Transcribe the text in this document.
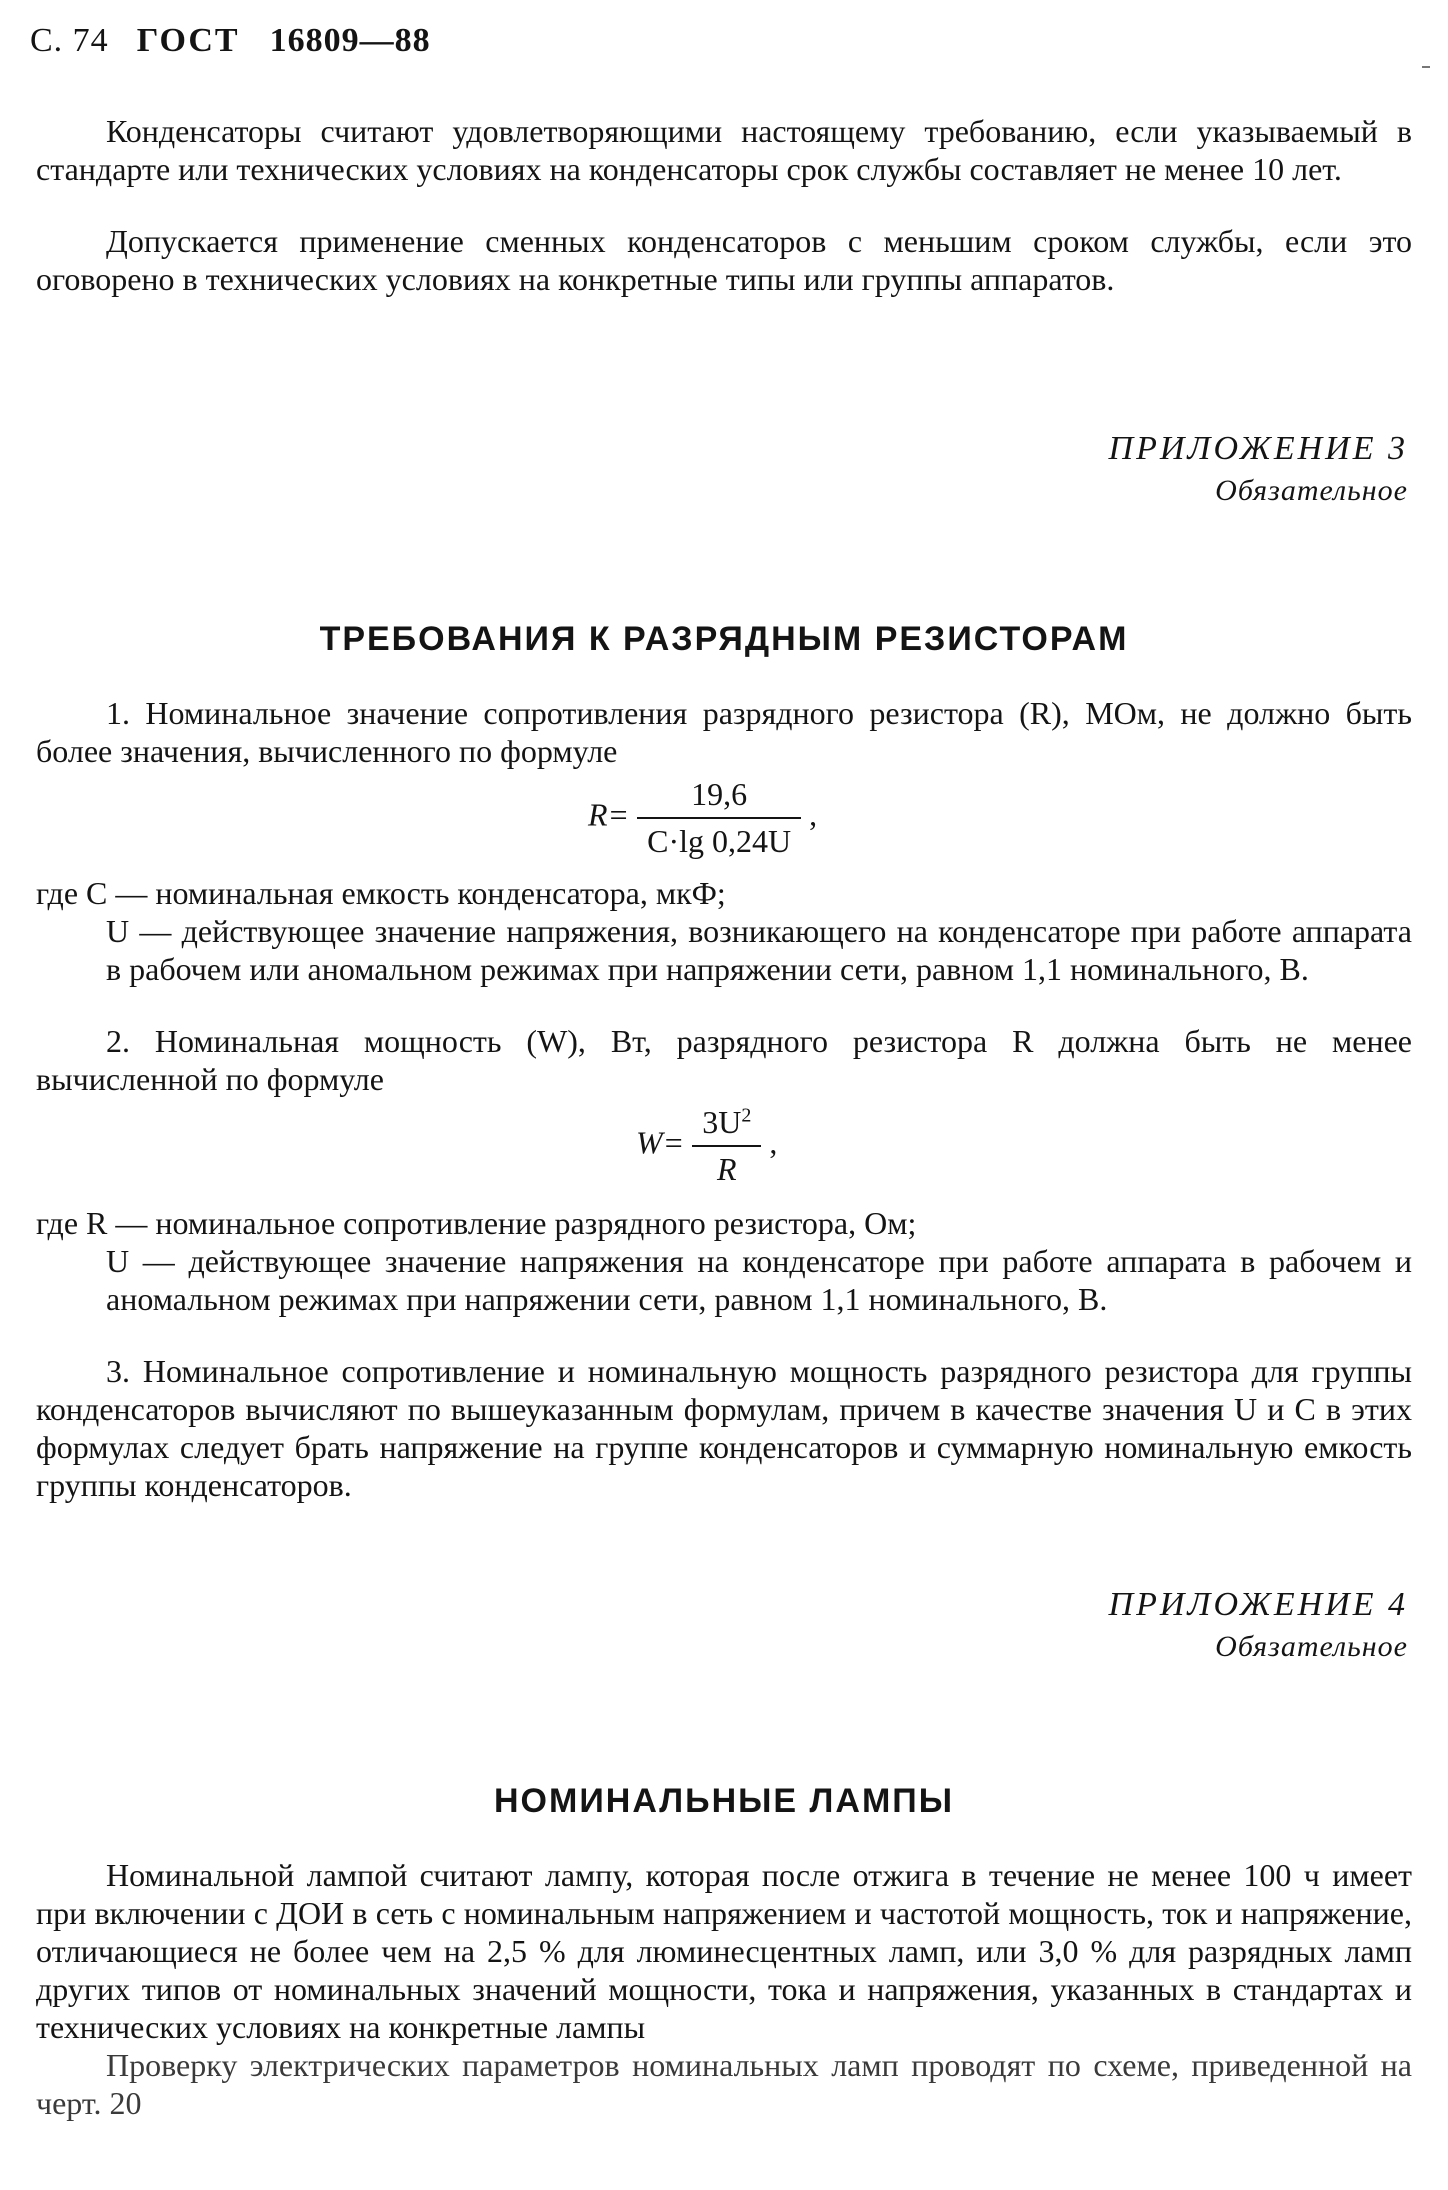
С. 74 ГОСТ 16809—88
Конденсаторы считают удовлетворяющими настоящему требованию, если указываемый в стандарте или технических условиях на конденсаторы срок службы составляет не менее 10 лет.
Допускается применение сменных конденсаторов с меньшим сроком службы, если это оговорено в технических условиях на конкретные типы или группы аппаратов.
ПРИЛОЖЕНИЕ 3
Обязательное
ТРЕБОВАНИЯ К РАЗРЯДНЫМ РЕЗИСТОРАМ
1. Номинальное значение сопротивления разрядного резистора (R), МОм, не должно быть более значения, вычисленного по формуле
$R= \frac{19,6}{C\cdot\lg 0,24U}$ ,
где C — номинальная емкость конденсатора, мкФ;
U — действующее значение напряжения, возникающего на конденсаторе при работе аппарата в рабочем или аномальном режимах при напряжении сети, равном 1,1 номинального, В.
2. Номинальная мощность (W), Вт, разрядного резистора R должна быть не менее вычисленной по формуле
$W= \frac{3U^2}{R}$ ,
где R — номинальное сопротивление разрядного резистора, Ом;
U — действующее значение напряжения на конденсаторе при работе аппарата в рабочем и аномальном режимах при напряжении сети, равном 1,1 номинального, В.
3. Номинальное сопротивление и номинальную мощность разрядного резистора для группы конденсаторов вычисляют по вышеуказанным формулам, причем в качестве значения U и C в этих формулах следует брать напряжение на группе конденсаторов и суммарную номинальную емкость группы конденсаторов.
ПРИЛОЖЕНИЕ 4
Обязательное
НОМИНАЛЬНЫЕ ЛАМПЫ
Номинальной лампой считают лампу, которая после отжига в течение не менее 100 ч имеет при включении с ДОИ в сеть с номинальным напряжением и частотой мощность, ток и напряжение, отличающиеся не более чем на 2,5 % для люминесцентных ламп, или 3,0 % для разрядных ламп других типов от номинальных значений мощности, тока и напряжения, указанных в стандартах и технических условиях на конкретные лампы
Проверку электрических параметров номинальных ламп проводят по схеме, приведенной на черт. 20
